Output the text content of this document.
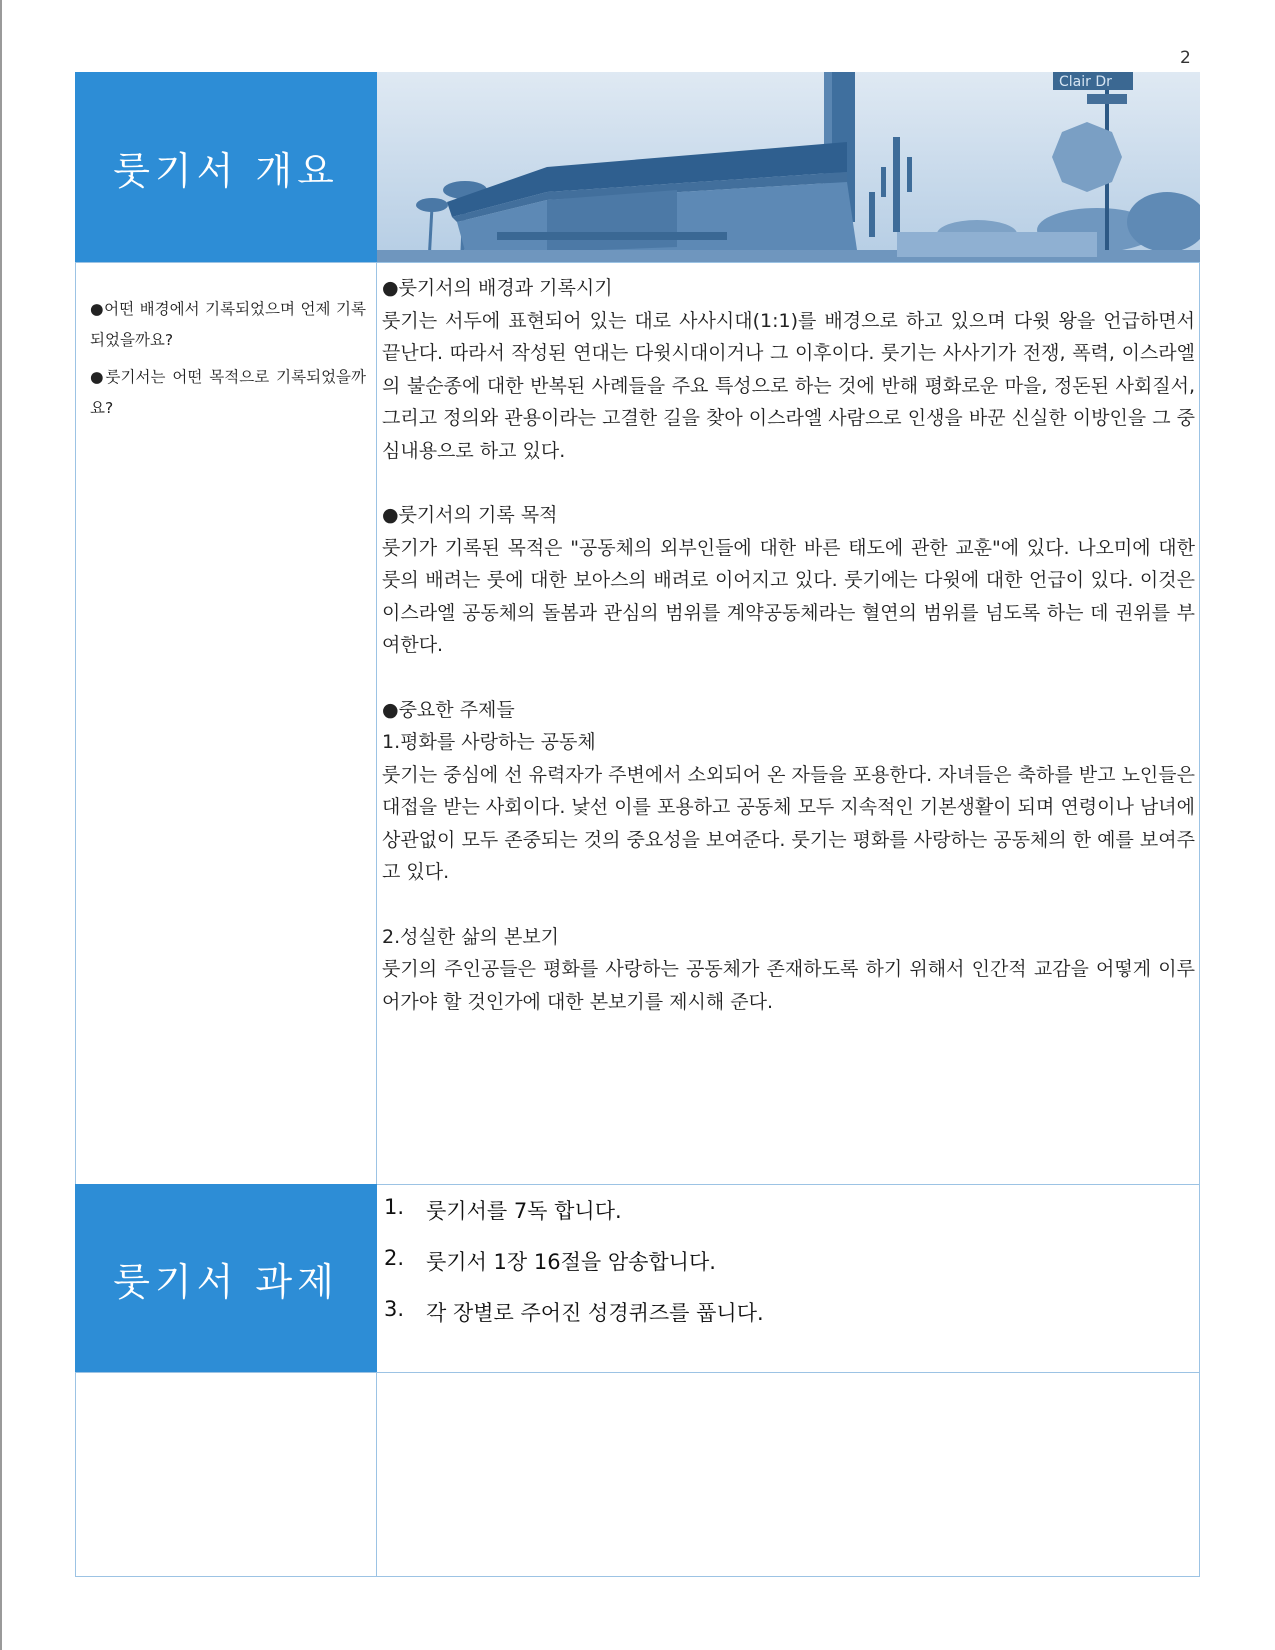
2
룻기서 개요
Clair Dr

●어떤 배경에서 기록되었으며 언제 기록되었을까요?

●룻기서는 어떤 목적으로 기록되었을까요?

●룻기서의 배경과 기록시기
룻기는 서두에 표현되어 있는 대로 사사시대(1:1)를 배경으로 하고 있으며 다윗 왕을 언급하면서 끝난다. 따라서 작성된 연대는 다윗시대이거나 그 이후이다. 룻기는 사사기가 전쟁, 폭력, 이스라엘의 불순종에 대한 반복된 사례들을 주요 특성으로 하는 것에 반해 평화로운 마을, 정돈된 사회질서, 그리고 정의와 관용이라는 고결한 길을 찾아 이스라엘 사람으로 인생을 바꾼 신실한 이방인을 그 중심내용으로 하고 있다.
●룻기서의 기록 목적
룻기가 기록된 목적은 "공동체의 외부인들에 대한 바른 태도에 관한 교훈"에 있다. 나오미에 대한 룻의 배려는 룻에 대한 보아스의 배려로 이어지고 있다. 룻기에는 다윗에 대한 언급이 있다. 이것은 이스라엘 공동체의 돌봄과 관심의 범위를 계약공동체라는 혈연의 범위를 넘도록 하는 데 권위를 부여한다.
●중요한 주제들
1.평화를 사랑하는 공동체
룻기는 중심에 선 유력자가 주변에서 소외되어 온 자들을 포용한다. 자녀들은 축하를 받고 노인들은 대접을 받는 사회이다. 낯선 이를 포용하고 공동체 모두 지속적인 기본생활이 되며 연령이나 남녀에 상관없이 모두 존중되는 것의 중요성을 보여준다. 룻기는 평화를 사랑하는 공동체의 한 예를 보여주고 있다.
2.성실한 삶의 본보기
룻기의 주인공들은 평화를 사랑하는 공동체가 존재하도록 하기 위해서 인간적 교감을 어떻게 이루어가야 할 것인가에 대한 본보기를 제시해 준다.
룻기서 과제
1.	룻기서를 7독 합니다.
2.	룻기서 1장 16절을 암송합니다.
3.	각 장별로 주어진 성경퀴즈를 풉니다.
